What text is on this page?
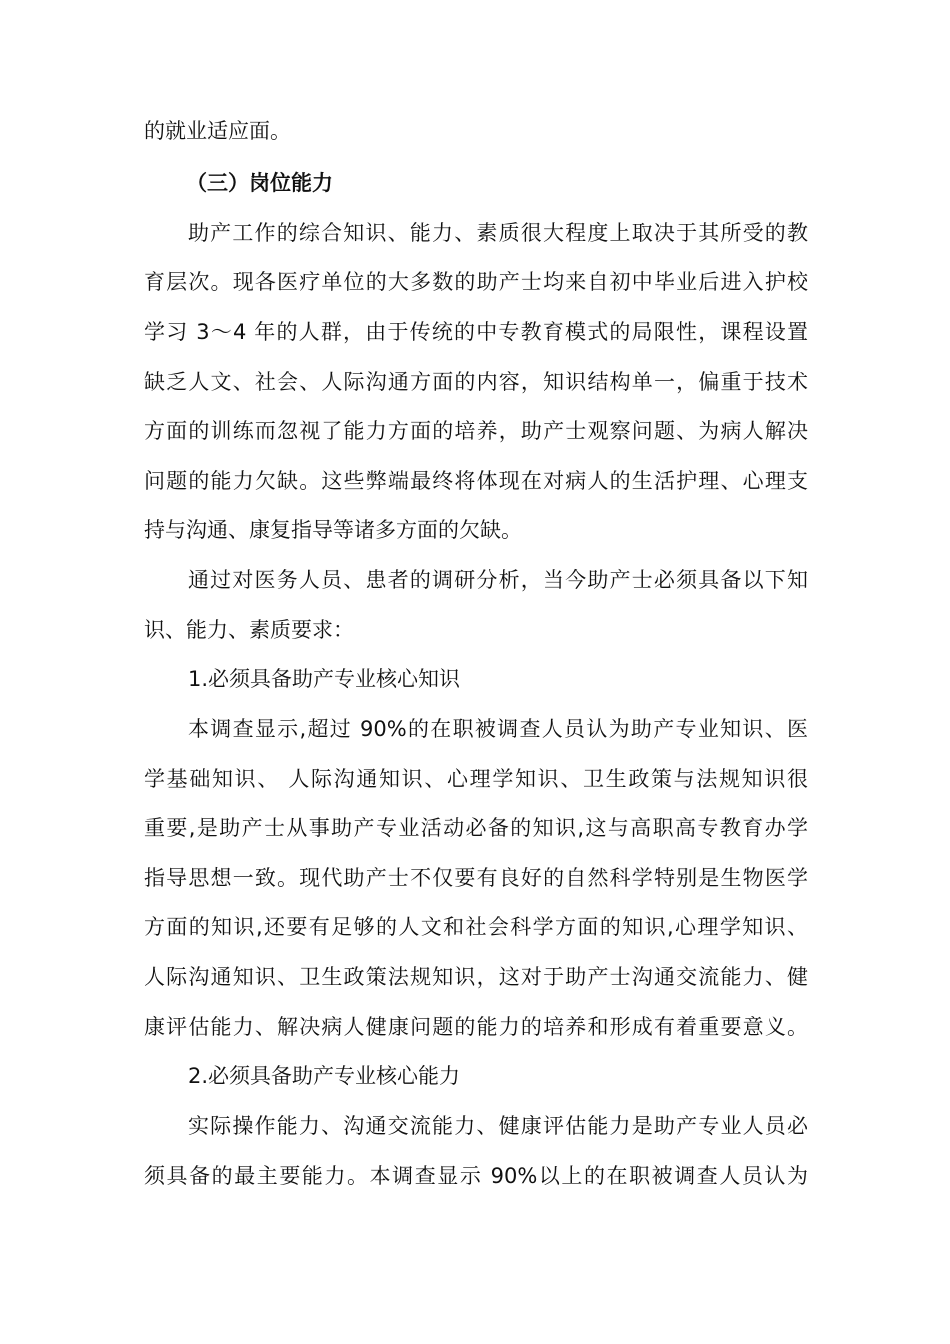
的就业适应面。
（三）岗位能力
助产工作的综合知识、能力、素质很大程度上取决于其所受的教
育层次。现各医疗单位的大多数的助产士均来自初中毕业后进入护校
学习 3～4 年的人群，由于传统的中专教育模式的局限性，课程设置
缺乏人文、社会、人际沟通方面的内容，知识结构单一，偏重于技术
方面的训练而忽视了能力方面的培养，助产士观察问题、为病人解决
问题的能力欠缺。这些弊端最终将体现在对病人的生活护理、心理支
持与沟通、康复指导等诸多方面的欠缺。
通过对医务人员、患者的调研分析，当今助产士必须具备以下知
识、能力、素质要求：
1.必须具备助产专业核心知识
本调查显示,超过 90%的在职被调查人员认为助产专业知识、医
学基础知识、 人际沟通知识、心理学知识、卫生政策与法规知识很
重要,是助产士从事助产专业活动必备的知识,这与高职高专教育办学
指导思想一致。现代助产士不仅要有良好的自然科学特别是生物医学
方面的知识,还要有足够的人文和社会科学方面的知识,心理学知识、
人际沟通知识、卫生政策法规知识，这对于助产士沟通交流能力、健
康评估能力、解决病人健康问题的能力的培养和形成有着重要意义。
2.必须具备助产专业核心能力
实际操作能力、沟通交流能力、健康评估能力是助产专业人员必
须具备的最主要能力。本调查显示 90%以上的在职被调查人员认为
